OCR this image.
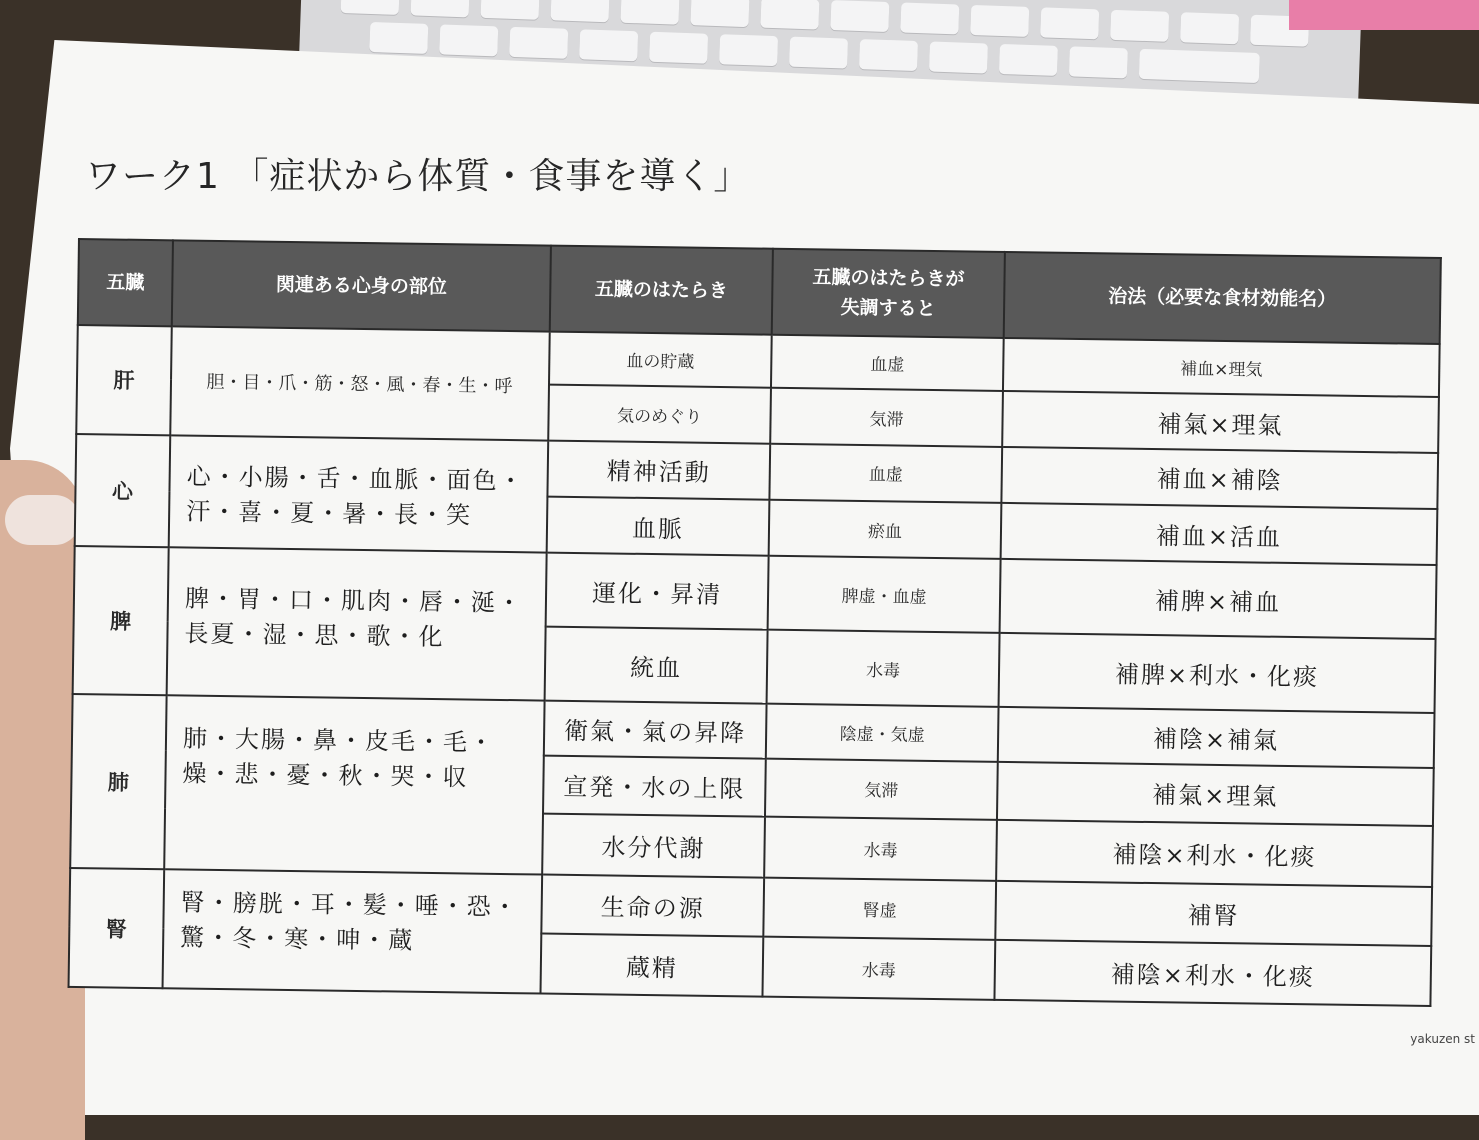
ワーク1 「症状から体質・食事を導く」
五臓	関連ある心身の部位	五臓のはたらき	五臓のはたらきが
失調すると	治法（必要な食材効能名）
肝	胆・目・爪・筋・怒・風・春・生・呼	血の貯蔵	血虚	補血×理気
		気のめぐり	気滞	補氣×理氣
心	心・小腸・舌・血脈・面色・汗・喜・夏・暑・長・笑	精神活動	血虚	補血×補陰
		血脈	瘀血	補血×活血
脾	脾・胃・口・肌肉・唇・涎・長夏・湿・思・歌・化	運化・昇清	脾虚・血虚	補脾×補血
		統血	水毒	補脾×利水・化痰
肺	肺・大腸・鼻・皮毛・毛・燥・悲・憂・秋・哭・収	衛氣・氣の昇降	陰虚・気虚	補陰×補氣
		宣発・水の上限	気滞	補氣×理氣
		水分代謝	水毒	補陰×利水・化痰
腎	腎・膀胱・耳・髪・唾・恐・驚・冬・寒・呻・蔵	生命の源	腎虚	補腎
		蔵精	水毒	補陰×利水・化痰
yakuzen st
